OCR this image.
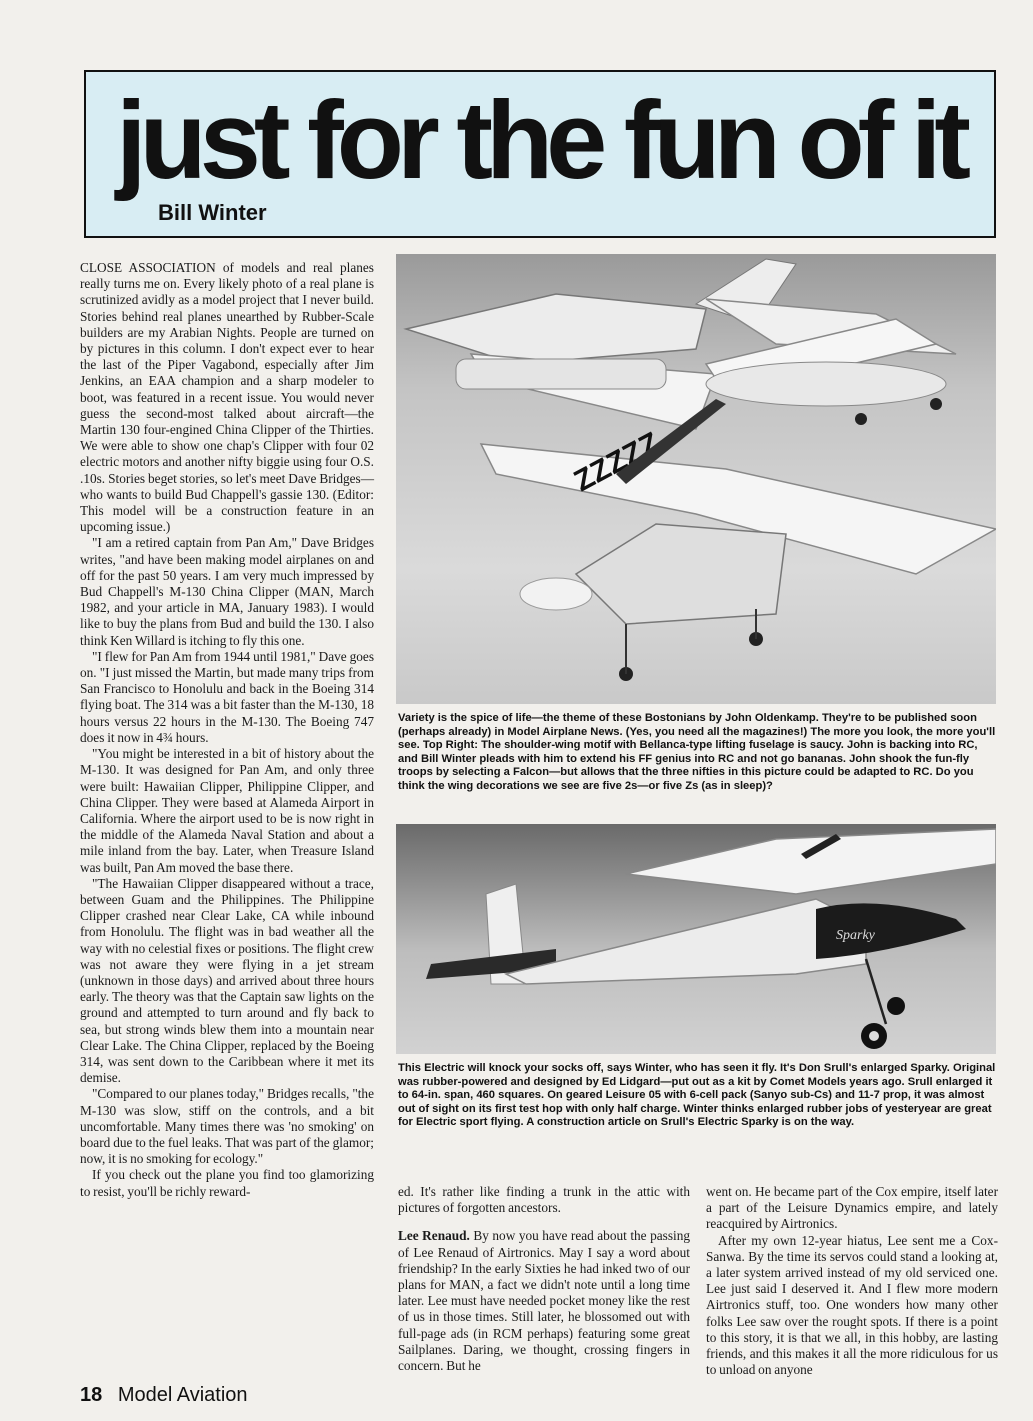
just for the fun of it
Bill Winter

CLOSE ASSOCIATION of models and real planes really turns me on. Every likely photo of a real plane is scrutinized avidly as a model project that I never build. Stories behind real planes unearthed by Rubber-Scale builders are my Arabian Nights. People are turned on by pictures in this column. I don't expect ever to hear the last of the Piper Vagabond, especially after Jim Jenkins, an EAA champion and a sharp modeler to boot, was featured in a recent issue. You would never guess the second-most talked about aircraft—the Martin 130 four-engined China Clipper of the Thirties. We were able to show one chap's Clipper with four 02 electric motors and another nifty biggie using four O.S. .10s. Stories beget stories, so let's meet Dave Bridges—who wants to build Bud Chappell's gassie 130. (Editor: This model will be a construction feature in an upcoming issue.)

"I am a retired captain from Pan Am," Dave Bridges writes, "and have been making model airplanes on and off for the past 50 years. I am very much impressed by Bud Chappell's M-130 China Clipper (MAN, March 1982, and your article in MA, January 1983). I would like to buy the plans from Bud and build the 130. I also think Ken Willard is itching to fly this one.

"I flew for Pan Am from 1944 until 1981," Dave goes on. "I just missed the Martin, but made many trips from San Francisco to Honolulu and back in the Boeing 314 flying boat. The 314 was a bit faster than the M-130, 18 hours versus 22 hours in the M-130. The Boeing 747 does it now in 4¾ hours.

"You might be interested in a bit of history about the M-130. It was designed for Pan Am, and only three were built: Hawaiian Clipper, Philippine Clipper, and China Clipper. They were based at Alameda Airport in California. Where the airport used to be is now right in the middle of the Alameda Naval Station and about a mile inland from the bay. Later, when Treasure Island was built, Pan Am moved the base there.

"The Hawaiian Clipper disappeared without a trace, between Guam and the Philippines. The Philippine Clipper crashed near Clear Lake, CA while inbound from Honolulu. The flight was in bad weather all the way with no celestial fixes or positions. The flight crew was not aware they were flying in a jet stream (unknown in those days) and arrived about three hours early. The theory was that the Captain saw lights on the ground and attempted to turn around and fly back to sea, but strong winds blew them into a mountain near Clear Lake. The China Clipper, replaced by the Boeing 314, was sent down to the Caribbean where it met its demise.

"Compared to our planes today," Bridges recalls, "the M-130 was slow, stiff on the controls, and a bit uncomfortable. Many times there was 'no smoking' on board due to the fuel leaks. That was part of the glamor; now, it is no smoking for ecology."

If you check out the plane you find too glamorizing to resist, you'll be richly reward-

ZZZZZ
Variety is the spice of life—the theme of these Bostonians by John Oldenkamp. They're to be published soon (perhaps already) in Model Airplane News. (Yes, you need all the magazines!) The more you look, the more you'll see. Top Right: The shoulder-wing motif with Bellanca-type lifting fuselage is saucy. John is backing into RC, and Bill Winter pleads with him to extend his FF genius into RC and not go bananas. John shook the fun-fly troops by selecting a Falcon—but allows that the three nifties in this picture could be adapted to RC. Do you think the wing decorations we see are five 2s—or five Zs (as in sleep)?
Sparky
This Electric will knock your socks off, says Winter, who has seen it fly. It's Don Srull's enlarged Sparky. Original was rubber-powered and designed by Ed Lidgard—put out as a kit by Comet Models years ago. Srull enlarged it to 64-in. span, 460 squares. On geared Leisure 05 with 6-cell pack (Sanyo sub-Cs) and 11-7 prop, it was almost out of sight on its first test hop with only half charge. Winter thinks enlarged rubber jobs of yesteryear are great for Electric sport flying. A construction article on Srull's Electric Sparky is on the way.

ed. It's rather like finding a trunk in the attic with pictures of forgotten ancestors.

Lee Renaud. By now you have read about the passing of Lee Renaud of Airtronics. May I say a word about friendship? In the early Sixties he had inked two of our plans for MAN, a fact we didn't note until a long time later. Lee must have needed pocket money like the rest of us in those times. Still later, he blossomed out with full-page ads (in RCM perhaps) featuring some great Sailplanes. Daring, we thought, crossing fingers in concern. But he

went on. He became part of the Cox empire, itself later a part of the Leisure Dynamics empire, and lately reacquired by Airtronics.

After my own 12-year hiatus, Lee sent me a Cox-Sanwa. By the time its servos could stand a looking at, a later system arrived instead of my old serviced one. Lee just said I deserved it. And I flew more modern Airtronics stuff, too. One wonders how many other folks Lee saw over the rought spots. If there is a point to this story, it is that we all, in this hobby, are lasting friends, and this makes it all the more ridiculous for us to unload on anyone

18 Model Aviation
